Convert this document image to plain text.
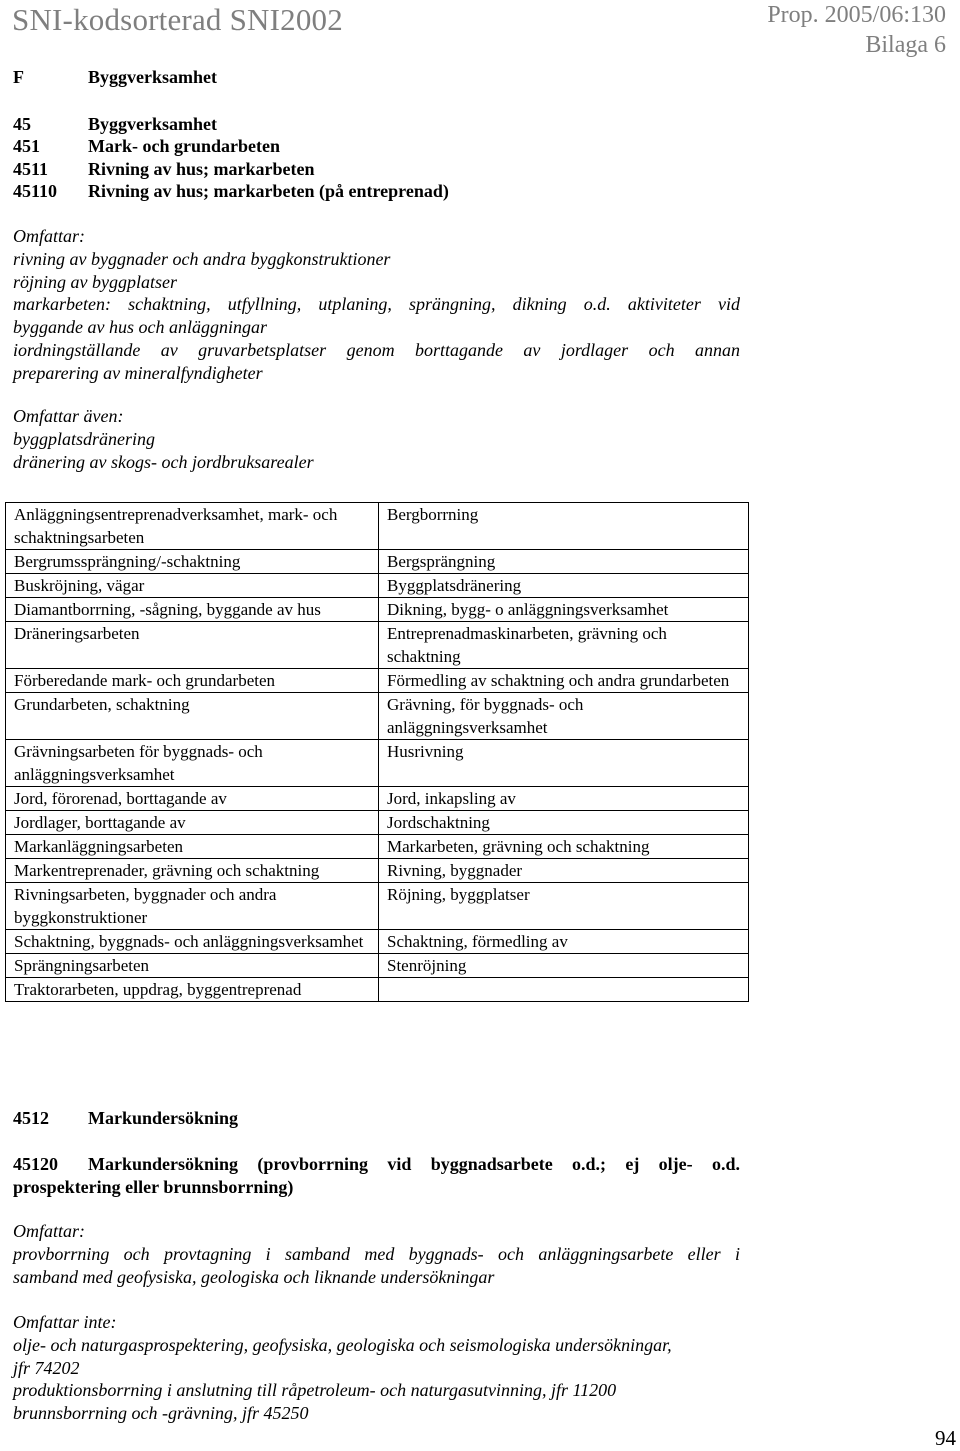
SNI-kodsorterad SNI2002	Prop. 2005/06:130
Bilaga 6
F	Byggverksamhet
45	Byggverksamhet
451	Mark- och grundarbeten
4511 Rivning av hus; markarbeten
45110 Rivning av hus; markarbeten (på entreprenad)
Omfattar:
rivning av byggnader och andra byggkonstruktioner
röjning av byggplatser
markarbeten: schaktning, utfyllning, utplaning, sprängning, dikning o.d. aktiviteter vid
byggande av hus och anläggningar
iordningställande av gruvarbetsplatser genom borttagande av jordlager och annan
preparering av mineralfyndigheter
Omfattar även:
byggplatsdränering
dränering av skogs- och jordbruksarealer
Anläggningsentreprenadverksamhet, mark- och schaktningsarbeten	Bergborrning
Bergrumssprängning/-schaktning	Bergsprängning
Buskröjning, vägar	Byggplatsdränering
Diamantborrning, -sågning, byggande av hus	Dikning, bygg- o anläggningsverksamhet
Dräneringsarbeten	Entreprenadmaskinarbeten, grävning och schaktning
Förberedande mark- och grundarbeten	Förmedling av schaktning och andra grundarbeten
Grundarbeten, schaktning	Grävning, för byggnads- och anläggningsverksamhet
Grävningsarbeten för byggnads- och anläggningsverksamhet	Husrivning
Jord, förorenad, borttagande av	Jord, inkapsling av
Jordlager, borttagande av	Jordschaktning
Markanläggningsarbeten	Markarbeten, grävning och schaktning
Markentreprenader, grävning och schaktning	Rivning, byggnader
Rivningsarbeten, byggnader och andra byggkonstruktioner	Röjning, byggplatser
Schaktning, byggnads- och anläggningsverksamhet	Schaktning, förmedling av
Sprängningsarbeten	Stenröjning
Traktorarbeten, uppdrag, byggentreprenad	
4512 Markundersökning
45120 Markundersökning (provborrning vid byggnadsarbete o.d.; ej olje- o.d.
prospektering eller brunnsborrning)
Omfattar:
provborrning och provtagning i samband med byggnads- och anläggningsarbete eller i
samband med geofysiska, geologiska och liknande undersökningar
Omfattar inte:
olje- och naturgasprospektering, geofysiska, geologiska och seismologiska undersökningar,
jfr 74202
produktionsborrning i anslutning till råpetroleum- och naturgasutvinning, jfr 11200
brunnsborrning och -grävning, jfr 45250
94
